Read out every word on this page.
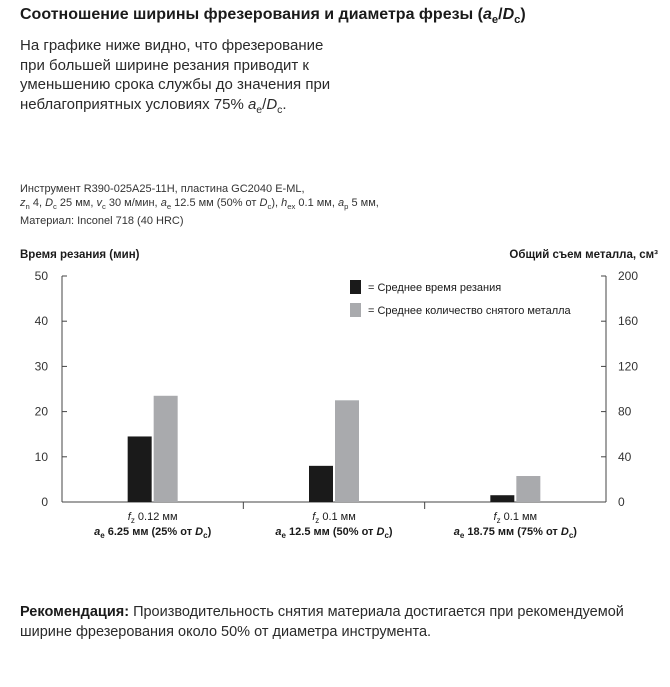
Соотношение ширины фрезерования и диаметра фрезы $(a_e/D_c)$
На графике ниже видно, что фрезерование при большей ширине резания приводит к уменьшению срока службы до значения при неблагоприятных условиях 75% $a_e/D_c$.
Инструмент R390-025A25-11H, пластина GC2040 E-ML,
$z_n$ 4, $D_c$ 25 мм, $v_c$ 30 м/мин, $a_e$ 12.5 мм (50% от $D_c$), $h_{ex}$ 0.1 мм, $a_p$ 5 мм,
Материал: Inconel 718 (40 HRC)
Время резания (мин)	Общий съем металла, см³
0
10
20
30
40
50
0
40
80
120
160
200
$f_z$ 0.12 мм
$a_e$ 6.25 мм (25% от $D_c$)
$f_z$ 0.1 мм
$a_e$ 12.5 мм (50% от $D_c$)
$f_z$ 0.1 мм
$a_e$ 18.75 мм (75% от $D_c$)
= Среднее время резания
= Среднее количество снятого металла
Рекомендация: Производительность снятия материала достигается при рекомендуемой ширине фрезерования около 50% от диаметра инструмента.
